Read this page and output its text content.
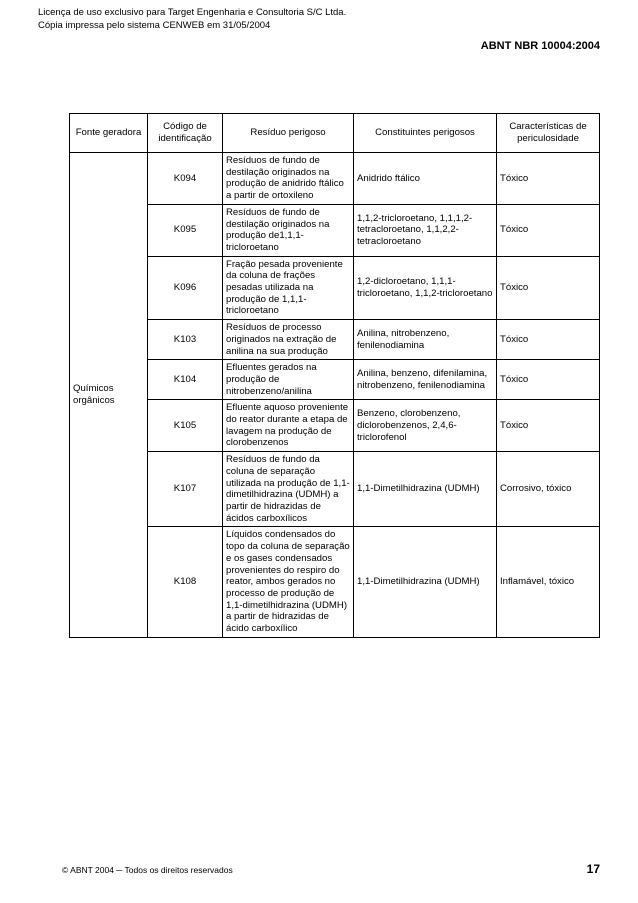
Licença de uso exclusivo para Target Engenharia e Consultoria S/C Ltda.
Cópia impressa pelo sistema CENWEB em 31/05/2004
ABNT NBR 10004:2004
Fonte geradora	Código de identificação	Resíduo perigoso	Constituintes perigosos	Características de periculosidade
Químicos orgânicos	K094	Resíduos de fundo de destilação originados na produção de anidrido ftálico a partir de ortoxileno	Anidrido ftálico	Tóxico
	K095	Resíduos de fundo de destilação originados na produção de1,1,1-tricloroetano	1,1,2-tricloroetano, 1,1,1,2-tetracloroetano, 1,1,2,2-tetracloroetano	Tóxico
	K096	Fração pesada proveniente da coluna de frações pesadas utilizada na produção de 1,1,1-tricloroetano	1,2-dicloroetano, 1,1,1-tricloroetano, 1,1,2-tricloroetano	Tóxico
	K103	Resíduos de processo originados na extração de anilina na sua produção	Anilina, nitrobenzeno, fenilenodiamina	Tóxico
	K104	Efluentes gerados na produção de nitrobenzeno/anilina	Anilina, benzeno, difenilamina, nitrobenzeno, fenilenodiamina	Tóxico
	K105	Efluente aquoso proveniente do reator durante a etapa de lavagem na produção de clorobenzenos	Benzeno, clorobenzeno, diclorobenzenos, 2,4,6-triclorofenol	Tóxico
	K107	Resíduos de fundo da coluna de separação utilizada na produção de 1,1-dimetilhidrazina (UDMH) a partir de hidrazidas de ácidos carboxílicos	1,1-Dimetilhidrazina (UDMH)	Corrosivo, tóxico
	K108	Líquidos condensados do topo da coluna de separação e os gases condensados provenientes do respiro do reator, ambos gerados no processo de produção de 1,1-dimetilhidrazina (UDMH) a partir de hidrazidas de ácido carboxílico	1,1-Dimetilhidrazina (UDMH)	Inflamável, tóxico
© ABNT 2004 ─ Todos os direitos reservados	17
